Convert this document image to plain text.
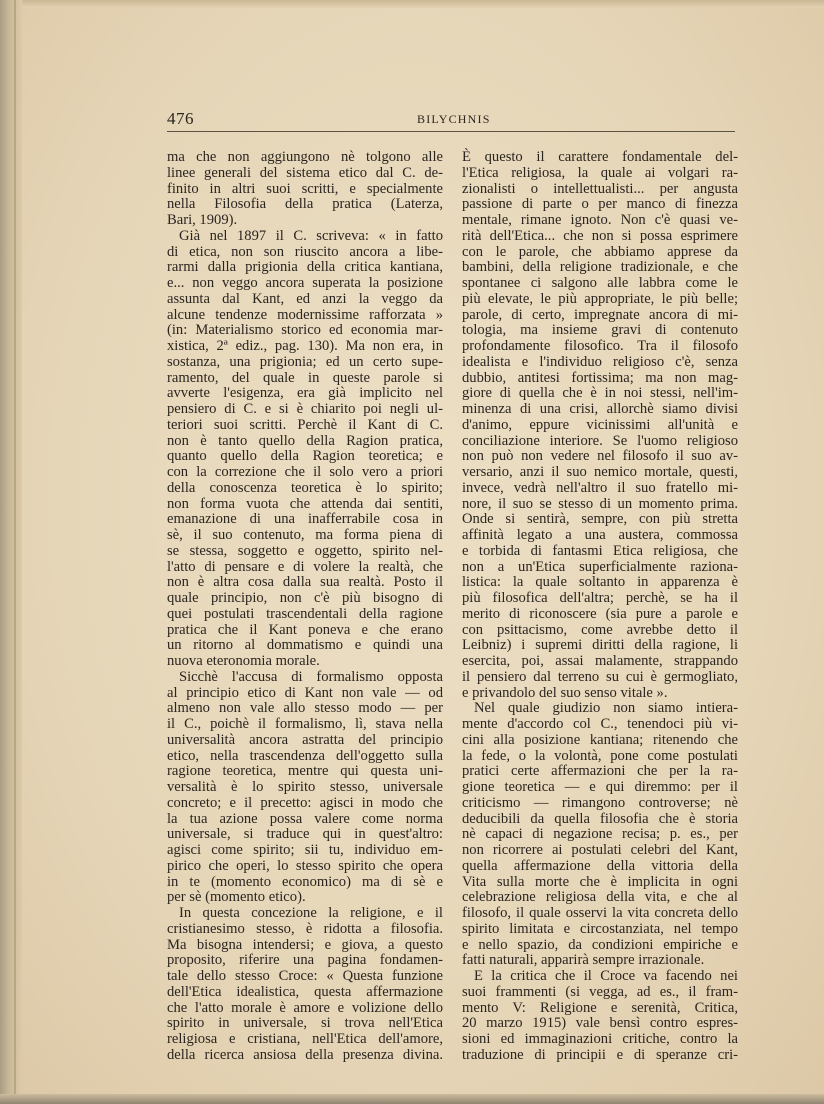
476	BILYCHNIS
ma che non aggiungono nè tolgono alle
linee generali del sistema etico dal C. de-
finito in altri suoi scritti, e specialmente
nella Filosofia della pratica (Laterza,
Bari, 1909).
Già nel 1897 il C. scriveva: « in fatto
di etica, non son riuscito ancora a libe-
rarmi dalla prigionia della critica kantiana,
e... non veggo ancora superata la posizione
assunta dal Kant, ed anzi la veggo da
alcune tendenze modernissime rafforzata »
(in: Materialismo storico ed economia mar-
xistica, 2ª ediz., pag. 130). Ma non era, in
sostanza, una prigionia; ed un certo supe-
ramento, del quale in queste parole si
avverte l'esigenza, era già implicito nel
pensiero di C. e si è chiarito poi negli ul-
teriori suoi scritti. Perchè il Kant di C.
non è tanto quello della Ragion pratica,
quanto quello della Ragion teoretica; e
con la correzione che il solo vero a priori
della conoscenza teoretica è lo spirito;
non forma vuota che attenda dai sentiti,
emanazione di una inafferrabile cosa in
sè, il suo contenuto, ma forma piena di
se stessa, soggetto e oggetto, spirito nel-
l'atto di pensare e di volere la realtà, che
non è altra cosa dalla sua realtà. Posto il
quale principio, non c'è più bisogno di
quei postulati trascendentali della ragione
pratica che il Kant poneva e che erano
un ritorno al dommatismo e quindi una
nuova eteronomia morale.
Sicchè l'accusa di formalismo opposta
al principio etico di Kant non vale — od
almeno non vale allo stesso modo — per
il C., poichè il formalismo, lì, stava nella
universalità ancora astratta del principio
etico, nella trascendenza dell'oggetto sulla
ragione teoretica, mentre qui questa uni-
versalità è lo spirito stesso, universale
concreto; e il precetto: agisci in modo che
la tua azione possa valere come norma
universale, si traduce qui in quest'altro:
agisci come spirito; sii tu, individuo em-
pirico che operi, lo stesso spirito che opera
in te (momento economico) ma di sè e
per sè (momento etico).
In questa concezione la religione, e il
cristianesimo stesso, è ridotta a filosofia.
Ma bisogna intendersi; e giova, a questo
proposito, riferire una pagina fondamen-
tale dello stesso Croce: « Questa funzione
dell'Etica idealistica, questa affermazione
che l'atto morale è amore e volizione dello
spirito in universale, si trova nell'Etica
religiosa e cristiana, nell'Etica dell'amore,
della ricerca ansiosa della presenza divina.
È questo il carattere fondamentale del-
l'Etica religiosa, la quale ai volgari ra-
zionalisti o intellettualisti... per angusta
passione di parte o per manco di finezza
mentale, rimane ignoto. Non c'è quasi ve-
rità dell'Etica... che non si possa esprimere
con le parole, che abbiamo apprese da
bambini, della religione tradizionale, e che
spontanee ci salgono alle labbra come le
più elevate, le più appropriate, le più belle;
parole, di certo, impregnate ancora di mi-
tologia, ma insieme gravi di contenuto
profondamente filosofico. Tra il filosofo
idealista e l'individuo religioso c'è, senza
dubbio, antitesi fortissima; ma non mag-
giore di quella che è in noi stessi, nell'im-
minenza di una crisi, allorchè siamo divisi
d'animo, eppure vicinissimi all'unità e
conciliazione interiore. Se l'uomo religioso
non può non vedere nel filosofo il suo av-
versario, anzi il suo nemico mortale, questi,
invece, vedrà nell'altro il suo fratello mi-
nore, il suo se stesso di un momento prima.
Onde si sentirà, sempre, con più stretta
affinità legato a una austera, commossa
e torbida di fantasmi Etica religiosa, che
non a un'Etica superficialmente raziona-
listica: la quale soltanto in apparenza è
più filosofica dell'altra; perchè, se ha il
merito di riconoscere (sia pure a parole e
con psittacismo, come avrebbe detto il
Leibniz) i supremi diritti della ragione, li
esercita, poi, assai malamente, strappando
il pensiero dal terreno su cui è germogliato,
e privandolo del suo senso vitale ».
Nel quale giudizio non siamo intiera-
mente d'accordo col C., tenendoci più vi-
cini alla posizione kantiana; ritenendo che
la fede, o la volontà, pone come postulati
pratici certe affermazioni che per la ra-
gione teoretica — e qui diremmo: per il
criticismo — rimangono controverse; nè
deducibili da quella filosofia che è storia
nè capaci di negazione recisa; p. es., per
non ricorrere ai postulati celebri del Kant,
quella affermazione della vittoria della
Vita sulla morte che è implicita in ogni
celebrazione religiosa della vita, e che al
filosofo, il quale osservi la vita concreta dello
spirito limitata e circostanziata, nel tempo
e nello spazio, da condizioni empiriche e
fatti naturali, apparirà sempre irrazionale.
E la critica che il Croce va facendo nei
suoi frammenti (si vegga, ad es., il fram-
mento V: Religione e serenità, Critica,
20 marzo 1915) vale bensì contro espres-
sioni ed immaginazioni critiche, contro la
traduzione di principii e di speranze cri-
